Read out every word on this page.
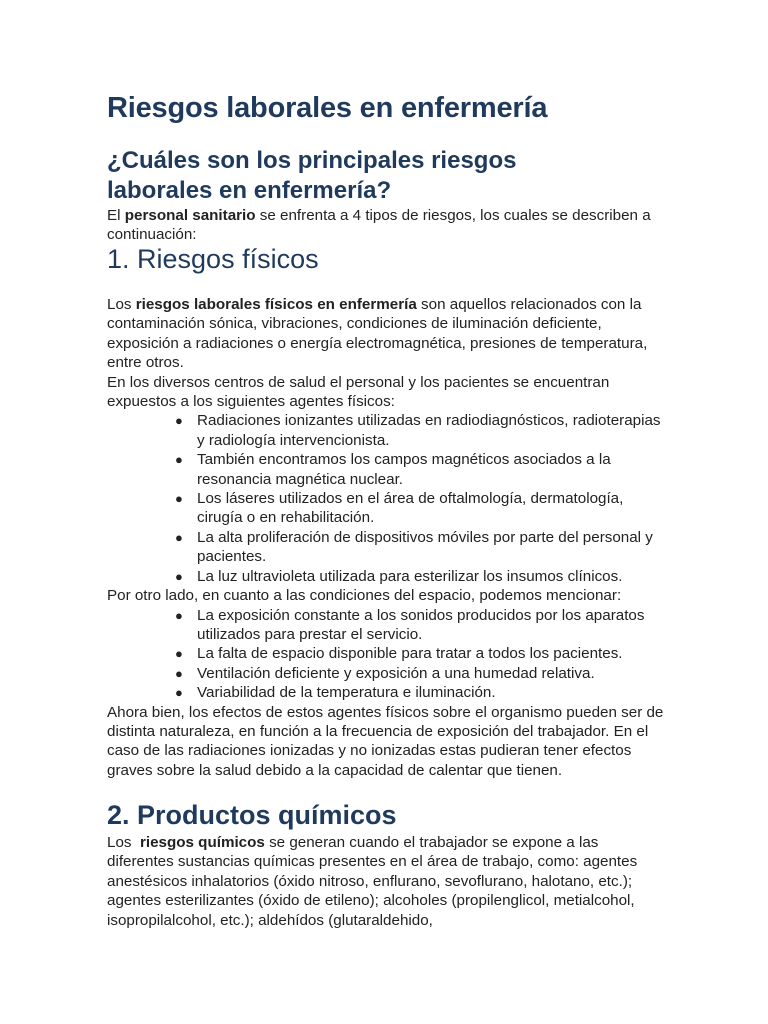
Riesgos laborales en enfermería
¿Cuáles son los principales riesgos laborales en enfermería?

El personal sanitario se enfrenta a 4 tipos de riesgos, los cuales se describen a continuación:

1. Riesgos físicos

Los riesgos laborales físicos en enfermería son aquellos relacionados con la contaminación sónica, vibraciones, condiciones de iluminación deficiente, exposición a radiaciones o energía electromagnética, presiones de temperatura, entre otros.

En los diversos centros de salud el personal y los pacientes se encuentran expuestos a los siguientes agentes físicos:

● Radiaciones ionizantes utilizadas en radiodiagnósticos, radioterapias y radiología intervencionista.
● También encontramos los campos magnéticos asociados a la resonancia magnética nuclear.
● Los láseres utilizados en el área de oftalmología, dermatología, cirugía o en rehabilitación.
● La alta proliferación de dispositivos móviles por parte del personal y pacientes.
● La luz ultravioleta utilizada para esterilizar los insumos clínicos.

Por otro lado, en cuanto a las condiciones del espacio, podemos mencionar:

● La exposición constante a los sonidos producidos por los aparatos utilizados para prestar el servicio.
● La falta de espacio disponible para tratar a todos los pacientes.
● Ventilación deficiente y exposición a una humedad relativa.
● Variabilidad de la temperatura e iluminación.

Ahora bien, los efectos de estos agentes físicos sobre el organismo pueden ser de distinta naturaleza, en función a la frecuencia de exposición del trabajador. En el caso de las radiaciones ionizadas y no ionizadas estas pudieran tener efectos graves sobre la salud debido a la capacidad de calentar que tienen.

2. Productos químicos

Los  riesgos químicos se generan cuando el trabajador se expone a las diferentes sustancias químicas presentes en el área de trabajo, como: agentes anestésicos inhalatorios (óxido nitroso, enflurano, sevoflurano, halotano, etc.); agentes esterilizantes (óxido de etileno); alcoholes (propilenglicol, metialcohol, isopropilalcohol, etc.); aldehídos (glutaraldehido,
